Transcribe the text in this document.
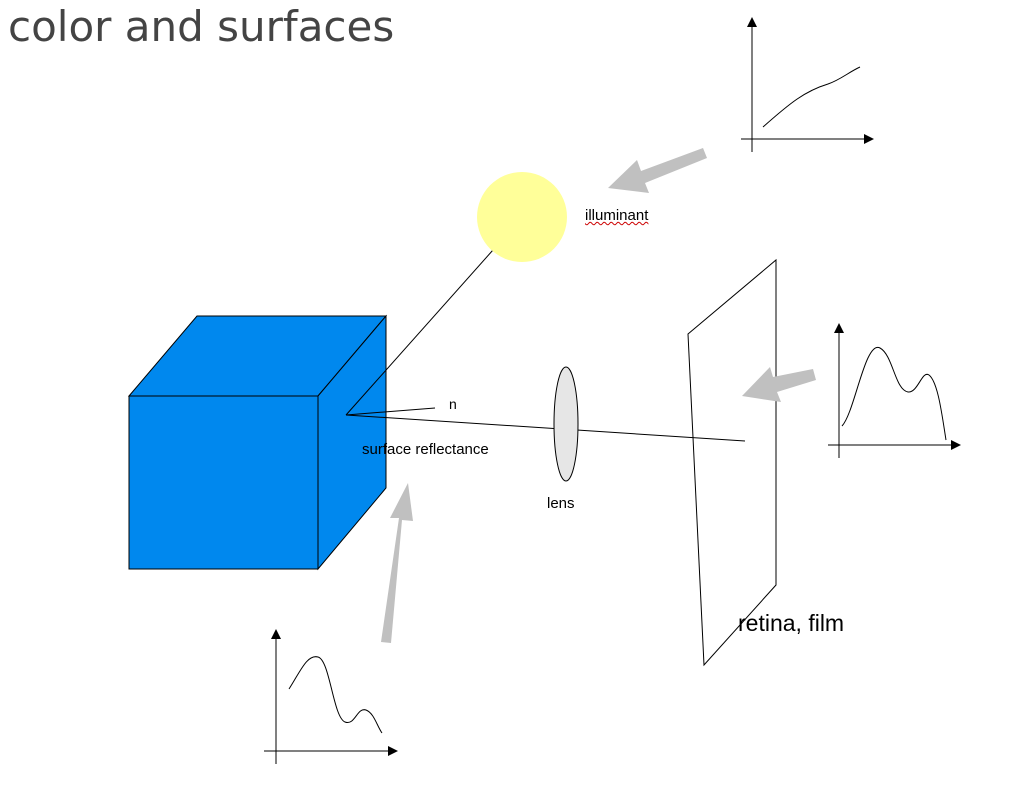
color and surfaces
illuminant
n
surface reflectance
lens
retina, film
